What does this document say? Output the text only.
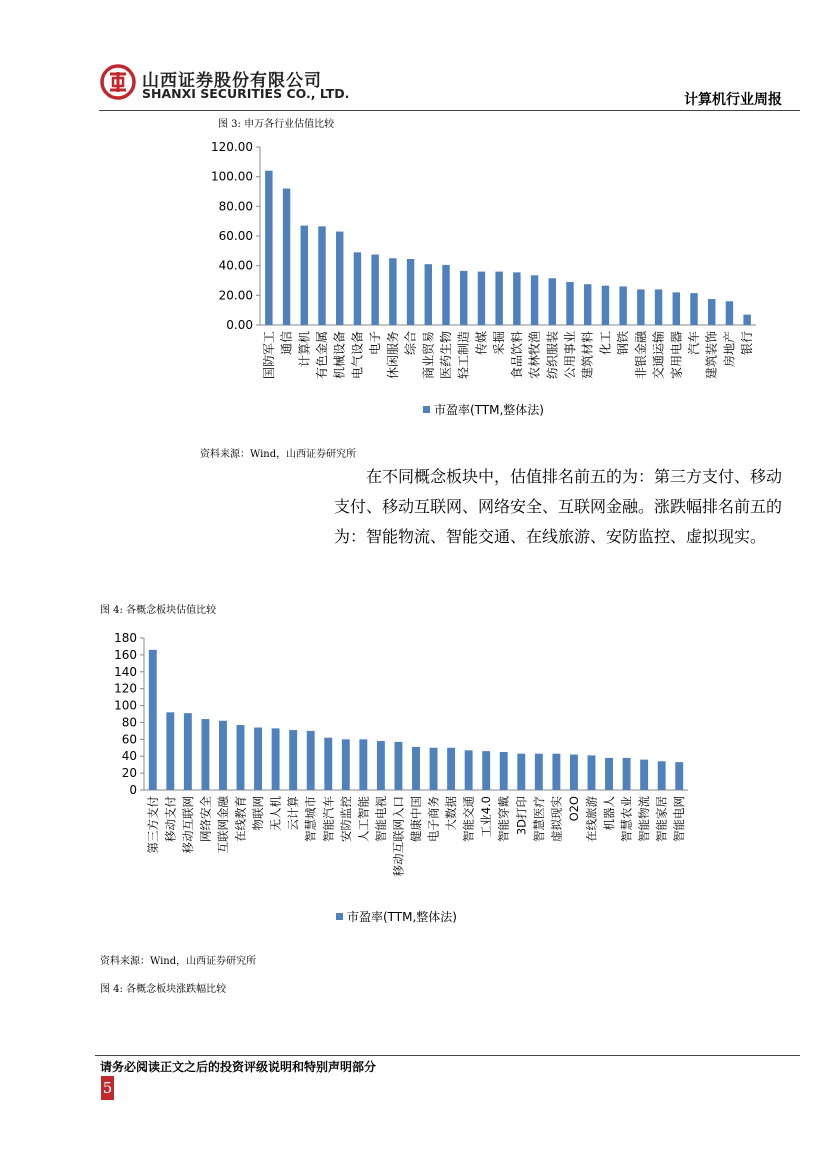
山西证券股份有限公司
SHANXI SECURITIES CO., LTD.	计算机行业周报
图 3: 申万各行业估值比较
0.00
20.00
40.00
60.00
80.00
100.00
120.00
国防军工 通信 计算机 有色金属 机械设备 电气设备 电子 休闲服务 综合 商业贸易 医药生物 轻工制造 传媒 采掘 食品饮料 农林牧渔 纺织服装 公用事业 建筑材料 化工 钢铁 非银金融 交通运输 家用电器 汽车 建筑装饰 房地产 银行
市盈率(TTM,整体法)
资料来源：Wind，山西证券研究所
在不同概念板块中，估值排名前五的为：第三方支付、移动支付、移动互联网、网络安全、互联网金融。涨跌幅排名前五的为：智能物流、智能交通、在线旅游、安防监控、虚拟现实。
图 4: 各概念板块估值比较
0
20
40
60
80
100
120
140
160
180
第三方支付 移动支付 移动互联网 网络安全 互联网金融 在线教育 物联网 无人机 云计算 智慧城市 智能汽车 安防监控 人工智能 智能电视 移动互联网入口 健康中国 电子商务 大数据 智能交通 工业4.0 智能穿戴 3D打印 智慧医疗 虚拟现实 O2O 在线旅游 机器人 智慧农业 智能物流 智能家居 智能电网
市盈率(TTM,整体法)
资料来源：Wind，山西证券研究所
图 4: 各概念板块涨跌幅比较
请务必阅读正文之后的投资评级说明和特别声明部分
5
